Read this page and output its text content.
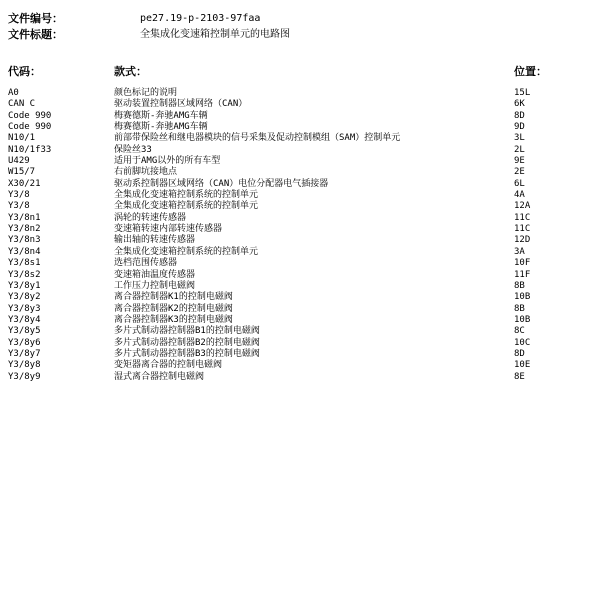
文件编号：	pe27.19-p-2103-97faa
文件标题：	全集成化变速箱控制单元的电路图
代码：	款式：	位置：
A0	颜色标记的说明	15L
CAN C	驱动装置控制器区域网络（CAN）	6K
Code 990	梅赛德斯-奔驰AMG车辆	8D
Code 990	梅赛德斯-奔驰AMG车辆	9D
N10/1	前部带保险丝和继电器模块的信号采集及促动控制模组（SAM）控制单元	3L
N10/1f33	保险丝33	2L
U429	适用于AMG以外的所有车型	9E
W15/7	右前脚坑接地点	2E
X30/21	驱动系控制器区域网络（CAN）电位分配器电气插接器	6L
Y3/8	全集成化变速箱控制系统的控制单元	4A
Y3/8	全集成化变速箱控制系统的控制单元	12A
Y3/8n1	涡轮的转速传感器	11C
Y3/8n2	变速箱转速内部转速传感器	11C
Y3/8n3	输出轴的转速传感器	12D
Y3/8n4	全集成化变速箱控制系统的控制单元	3A
Y3/8s1	选档范围传感器	10F
Y3/8s2	变速箱油温度传感器	11F
Y3/8y1	工作压力控制电磁阀	8B
Y3/8y2	离合器控制器K1的控制电磁阀	10B
Y3/8y3	离合器控制器K2的控制电磁阀	8B
Y3/8y4	离合器控制器K3的控制电磁阀	10B
Y3/8y5	多片式制动器控制器B1的控制电磁阀	8C
Y3/8y6	多片式制动器控制器B2的控制电磁阀	10C
Y3/8y7	多片式制动器控制器B3的控制电磁阀	8D
Y3/8y8	变矩器离合器的控制电磁阀	10E
Y3/8y9	湿式离合器控制电磁阀	8E
